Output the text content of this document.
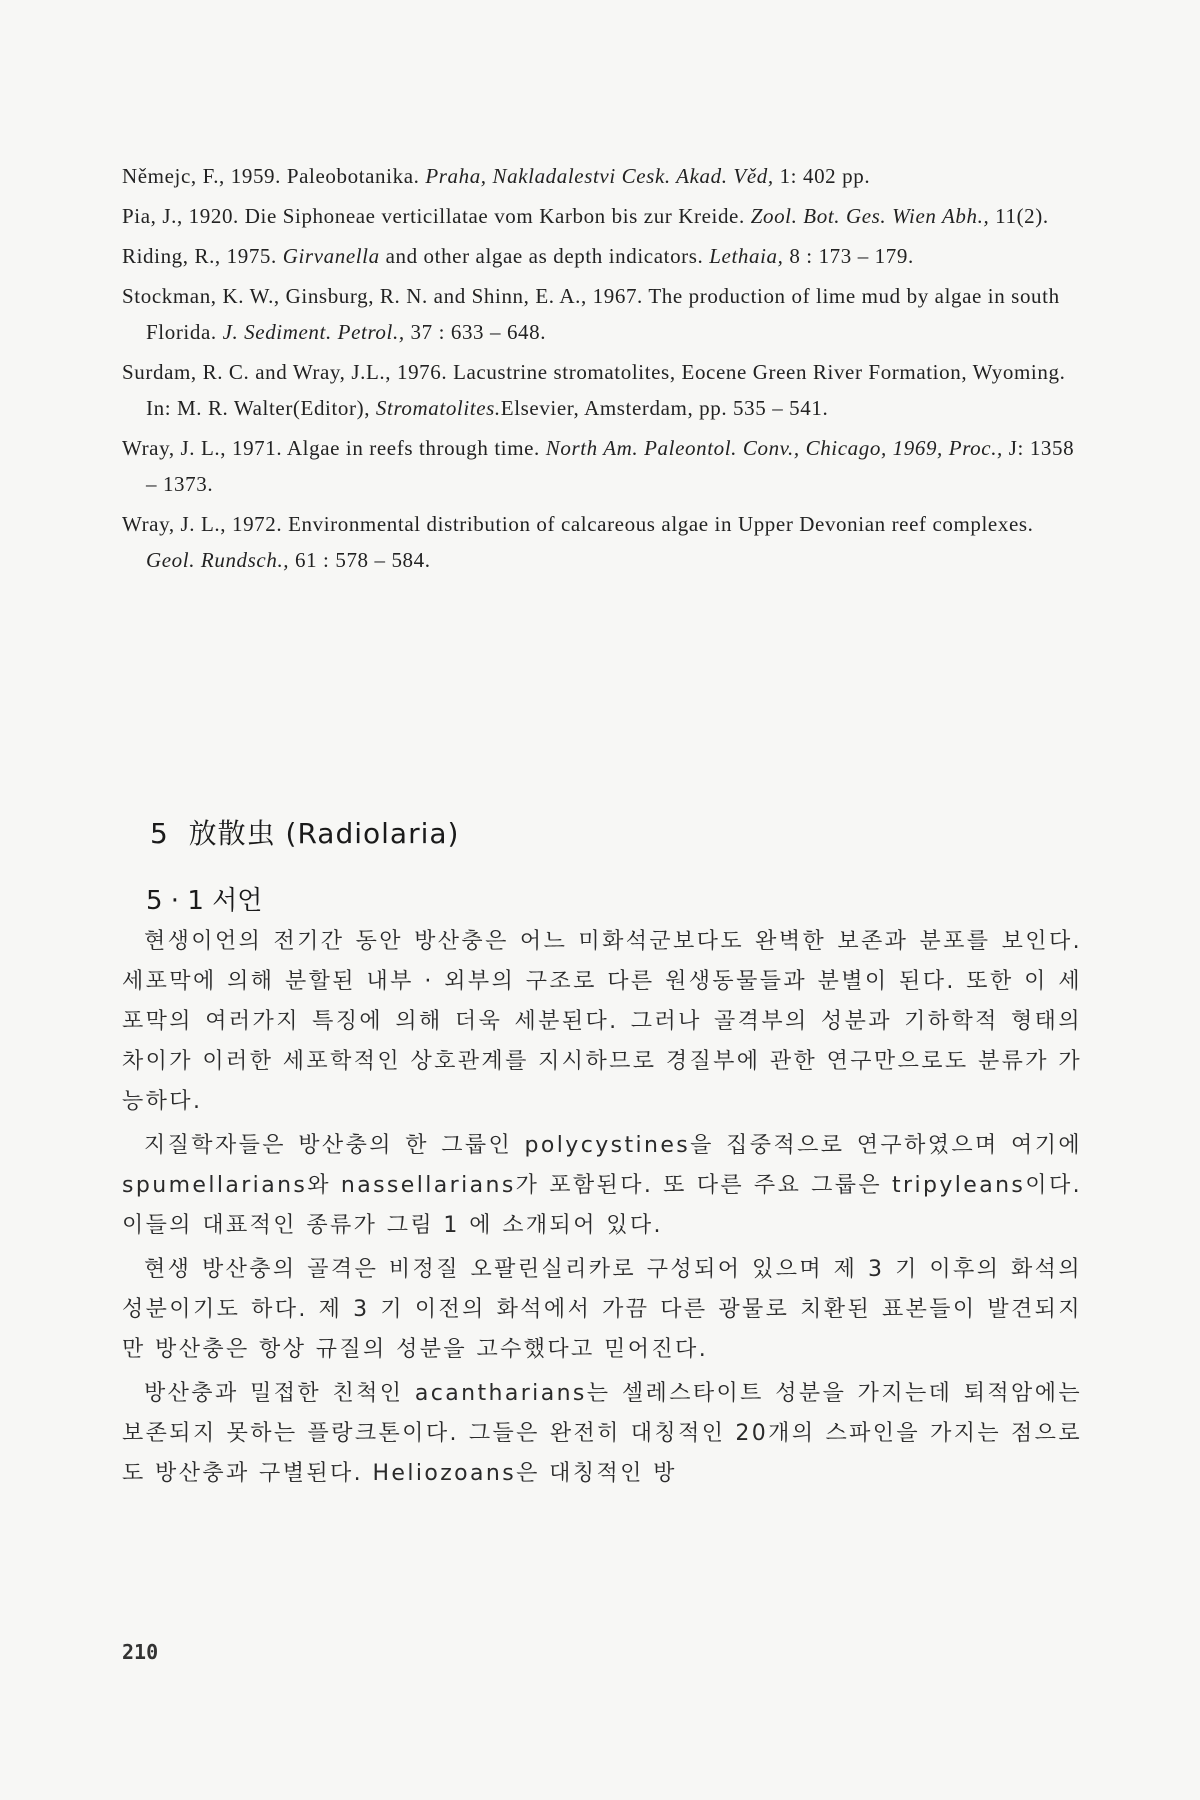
Němejc, F., 1959. Paleobotanika. Praha, Nakladalestvi Cesk. Akad. Věd, 1: 402 pp.
Pia, J., 1920. Die Siphoneae verticillatae vom Karbon bis zur Kreide. Zool. Bot. Ges. Wien Abh., 11(2).
Riding, R., 1975. Girvanella and other algae as depth indicators. Lethaia, 8 : 173 – 179.
Stockman, K. W., Ginsburg, R. N. and Shinn, E. A., 1967. The production of lime mud by algae in south Florida. J. Sediment. Petrol., 37 : 633 – 648.
Surdam, R. C. and Wray, J.L., 1976. Lacustrine stromatolites, Eocene Green River Formation, Wyoming. In: M. R. Walter(Editor), Stromatolites.Elsevier, Amsterdam, pp. 535 – 541.
Wray, J. L., 1971. Algae in reefs through time. North Am. Paleontol. Conv., Chicago, 1969, Proc., J: 1358 – 1373.
Wray, J. L., 1972. Environmental distribution of calcareous algae in Upper Devonian reef complexes. Geol. Rundsch., 61 : 578 – 584.
5 放散虫 (Radiolaria)
5 · 1 서언

현생이언의 전기간 동안 방산충은 어느 미화석군보다도 완벽한 보존과 분포를 보인다. 세포막에 의해 분할된 내부 · 외부의 구조로 다른 원생동물들과 분별이 된다. 또한 이 세포막의 여러가지 특징에 의해 더욱 세분된다. 그러나 골격부의 성분과 기하학적 형태의 차이가 이러한 세포학적인 상호관계를 지시하므로 경질부에 관한 연구만으로도 분류가 가능하다.

지질학자들은 방산충의 한 그룹인 polycystines을 집중적으로 연구하였으며 여기에 spumellarians와 nassellarians가 포함된다. 또 다른 주요 그룹은 tripyleans이다. 이들의 대표적인 종류가 그림 1 에 소개되어 있다.

현생 방산충의 골격은 비정질 오팔린실리카로 구성되어 있으며 제 3 기 이후의 화석의 성분이기도 하다. 제 3 기 이전의 화석에서 가끔 다른 광물로 치환된 표본들이 발견되지만 방산충은 항상 규질의 성분을 고수했다고 믿어진다.

방산충과 밀접한 친척인 acantharians는 셀레스타이트 성분을 가지는데 퇴적암에는 보존되지 못하는 플랑크톤이다. 그들은 완전히 대칭적인 20개의 스파인을 가지는 점으로도 방산충과 구별된다. Heliozoans은 대칭적인 방

210
